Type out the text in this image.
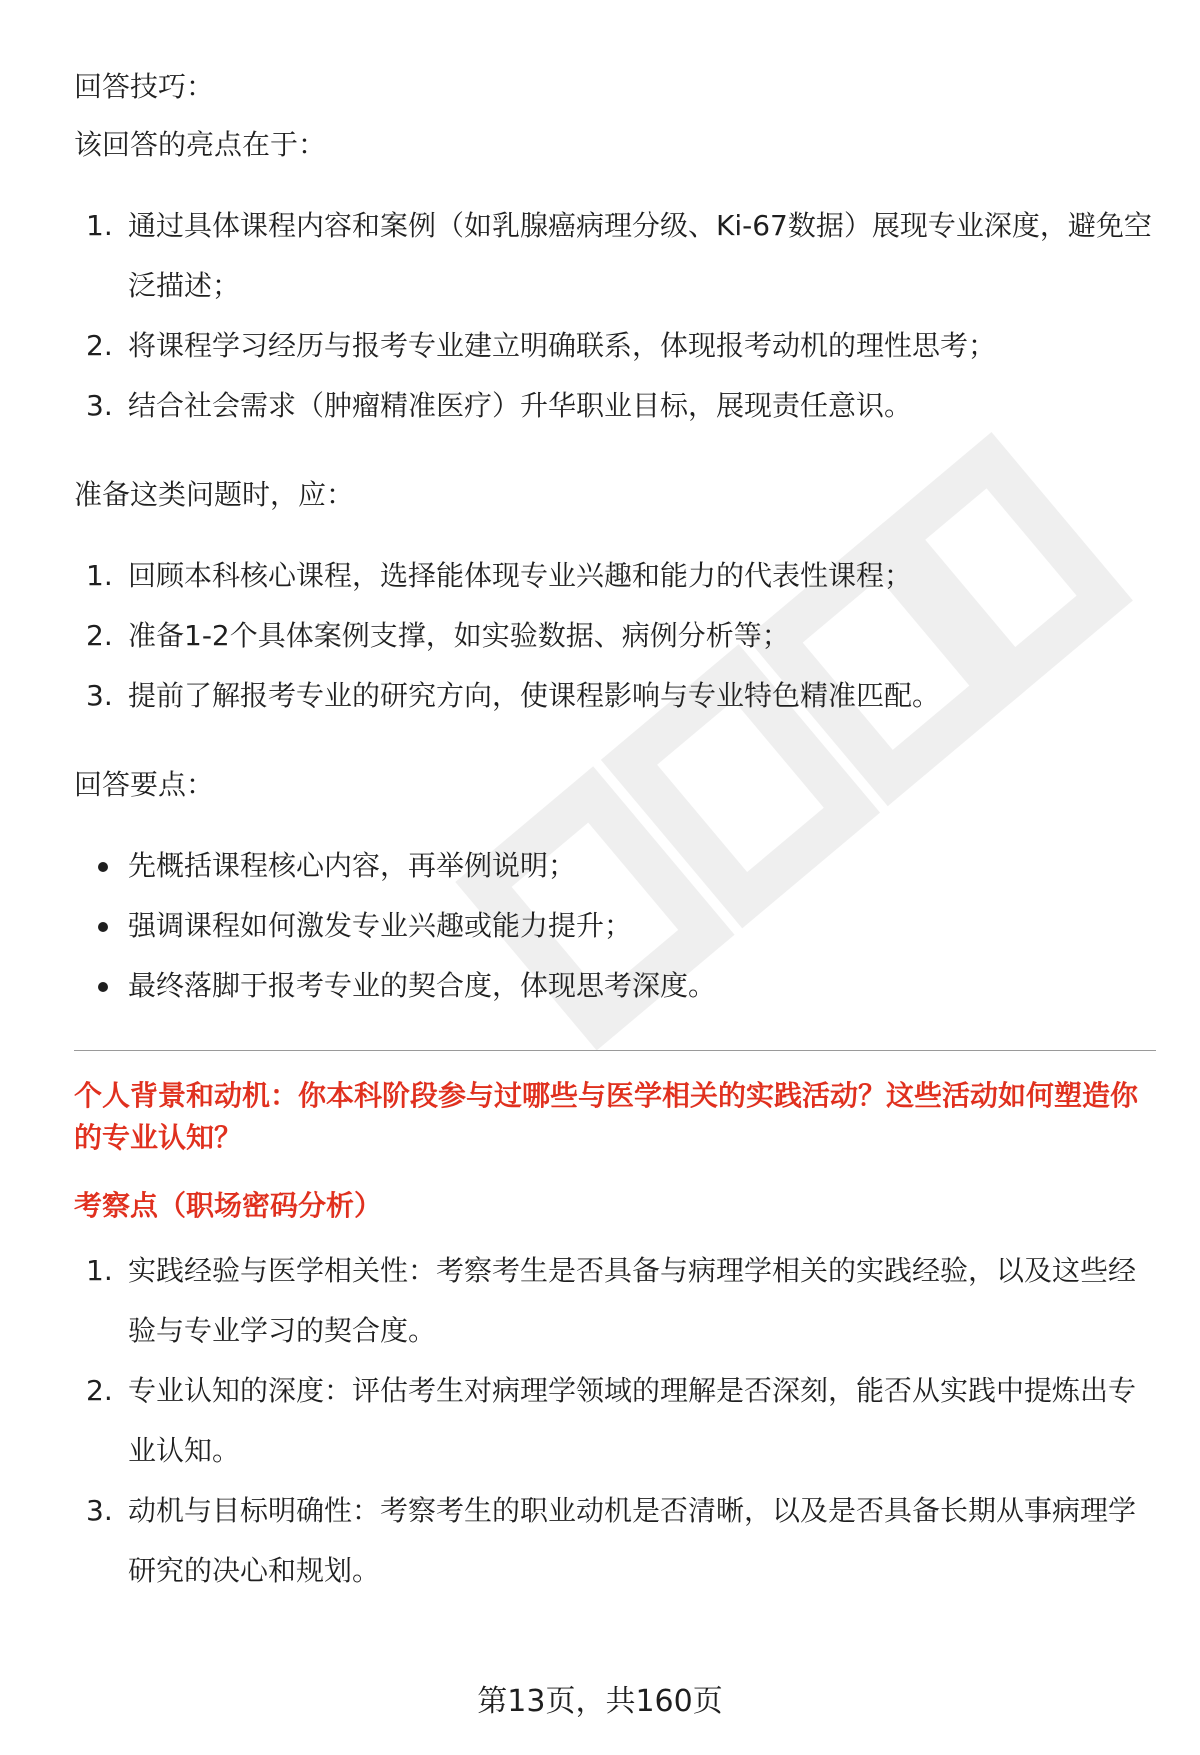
回答技巧：

该回答的亮点在于：

1. 通过具体课程内容和案例（如乳腺癌病理分级、Ki-67数据）展现专业深度，避免空泛描述；
2. 将课程学习经历与报考专业建立明确联系，体现报考动机的理性思考；
3. 结合社会需求（肿瘤精准医疗）升华职业目标，展现责任意识。

准备这类问题时，应：

1. 回顾本科核心课程，选择能体现专业兴趣和能力的代表性课程；
2. 准备1-2个具体案例支撑，如实验数据、病例分析等；
3. 提前了解报考专业的研究方向，使课程影响与专业特色精准匹配。

回答要点：

先概括课程核心内容，再举例说明；
强调课程如何激发专业兴趣或能力提升；
最终落脚于报考专业的契合度，体现思考深度。

个人背景和动机：你本科阶段参与过哪些与医学相关的实践活动？这些活动如何塑造你的专业认知？

考察点（职场密码分析）

1. 实践经验与医学相关性：考察考生是否具备与病理学相关的实践经验，以及这些经验与专业学习的契合度。
2. 专业认知的深度：评估考生对病理学领域的理解是否深刻，能否从实践中提炼出专业认知。
3. 动机与目标明确性：考察考生的职业动机是否清晰，以及是否具备长期从事病理学研究的决心和规划。
第13页，共160页
